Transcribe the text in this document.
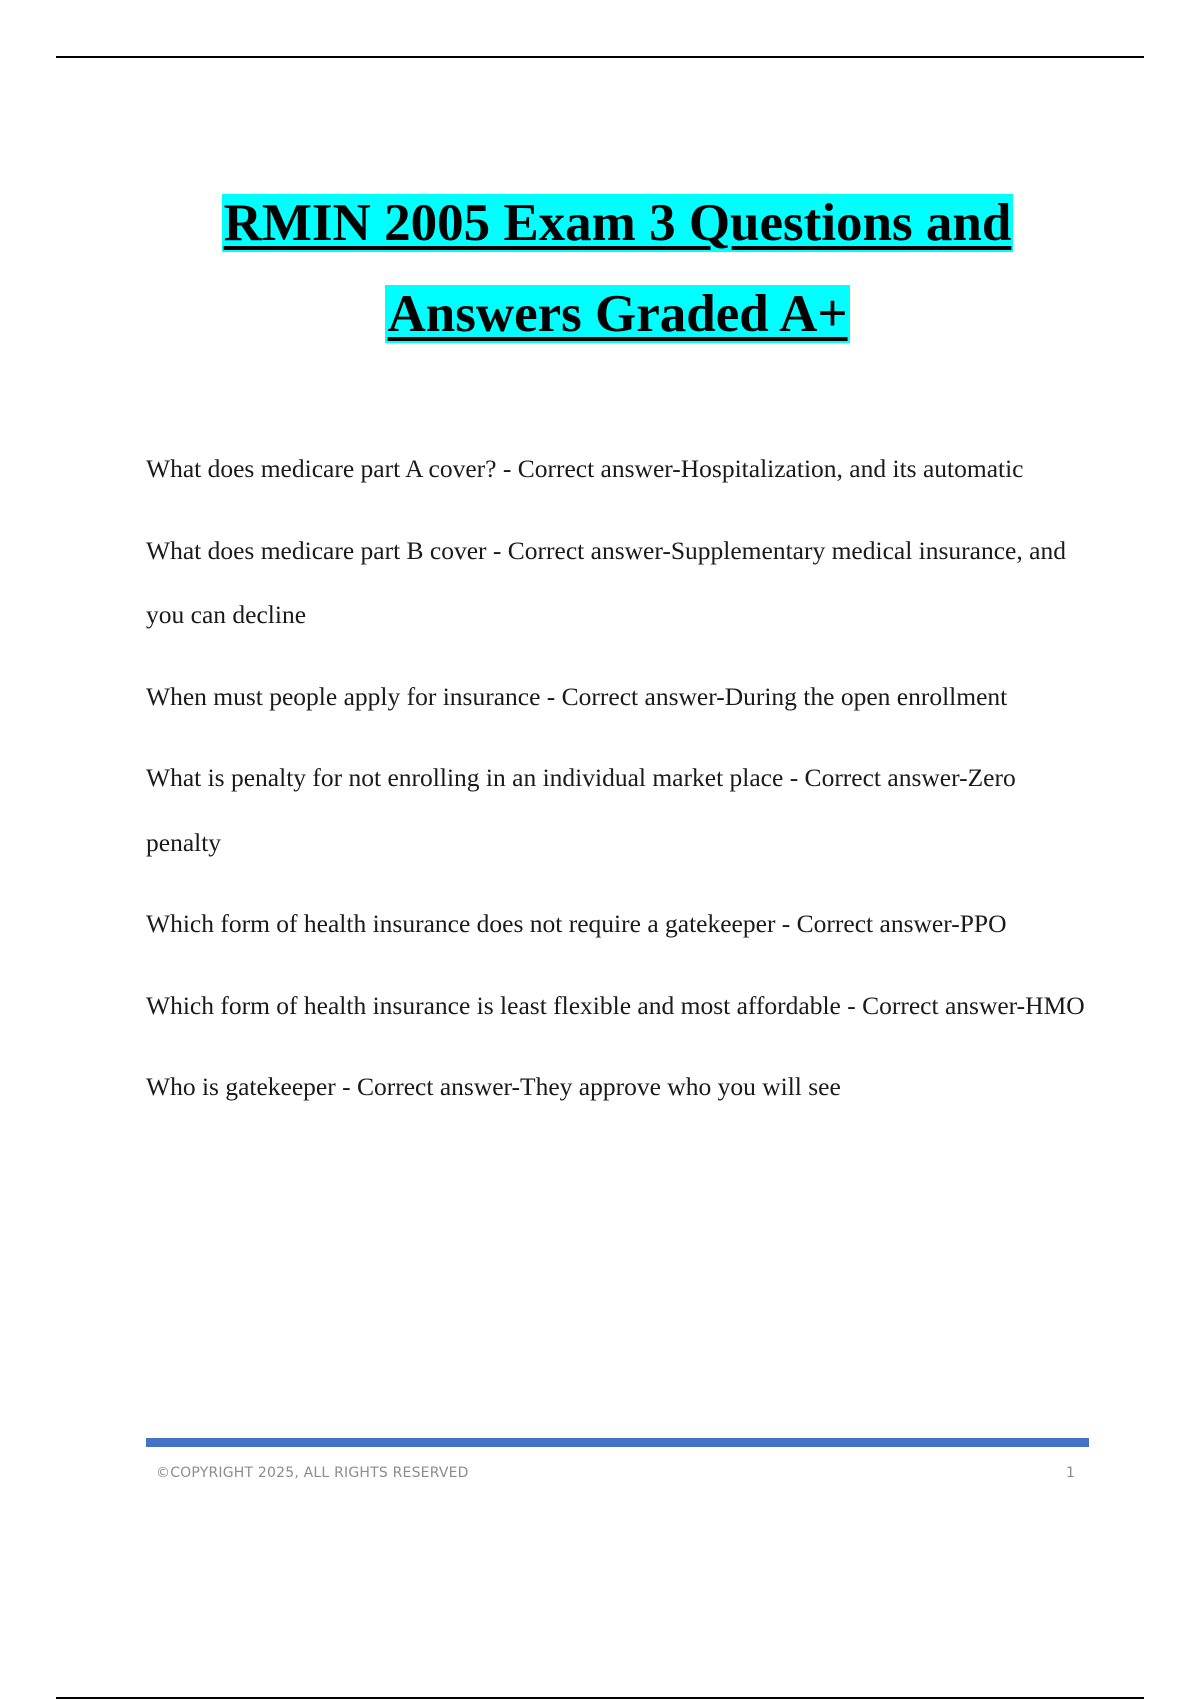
RMIN 2005 Exam 3 Questions and
Answers Graded A+

What does medicare part A cover? - Correct answer-Hospitalization, and its automatic

What does medicare part B cover - Correct answer-Supplementary medical insurance, and you can decline

When must people apply for insurance - Correct answer-During the open enrollment

What is penalty for not enrolling in an individual market place - Correct answer-Zero penalty

Which form of health insurance does not require a gatekeeper - Correct answer-PPO

Which form of health insurance is least flexible and most affordable - Correct answer-HMO

Who is gatekeeper - Correct answer-They approve who you will see

©COPYRIGHT 2025, ALL RIGHTS RESERVED	1
